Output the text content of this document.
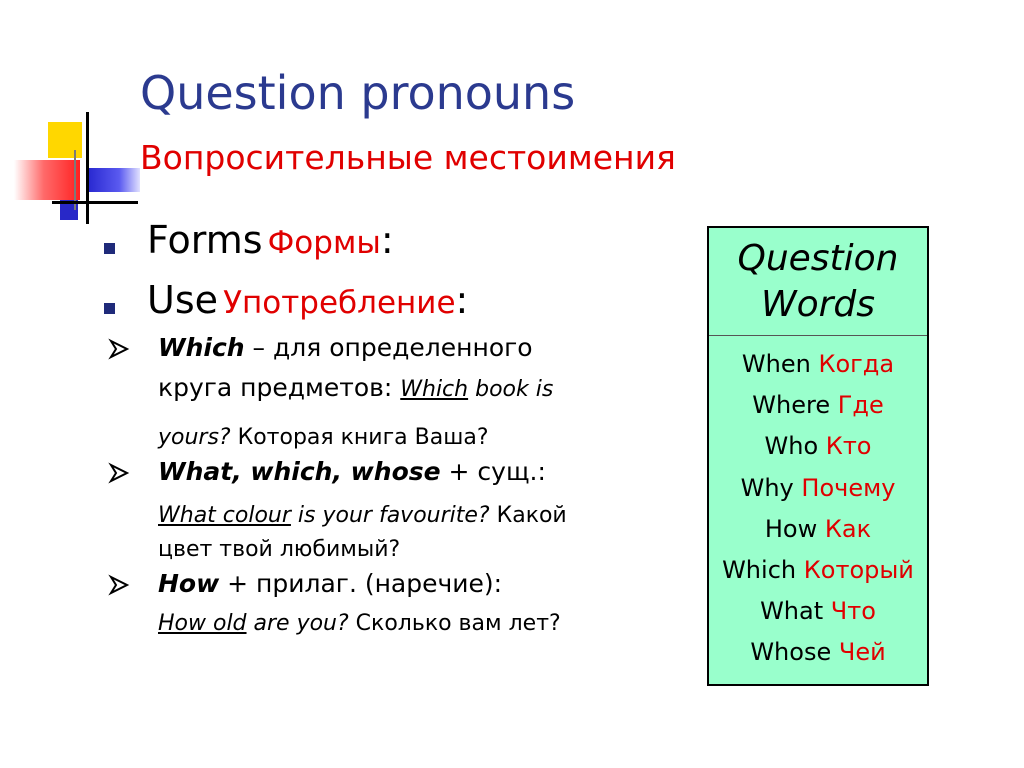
Question pronouns
Вопросительные местоимения
Forms Формы:
Use Употребление:
Which – для определенного
круга предметов: Which book is
yours? Которая книга Ваша?
What, which, whose + сущ.:
What colour is your favourite? Какой
цвет твой любимый?
How + прилаг. (наречие):
How old are you? Сколько вам лет?
Question
Words
When Когда
Where Где
Who Кто
Why Почему
How Как
Which Который
What Что
Whose Чей
